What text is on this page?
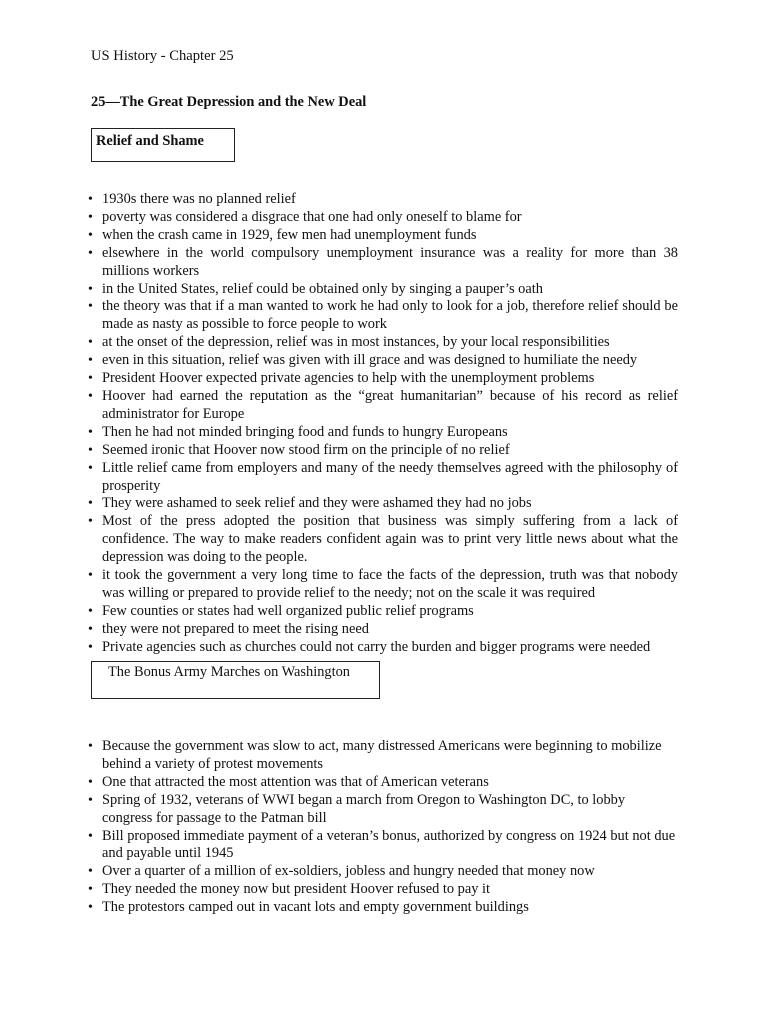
US History - Chapter 25

25—The Great Depression and the New Deal

Relief and Shame
• 1930s there was no planned relief
• poverty was considered a disgrace that one had only oneself to blame for
• when the crash came in 1929, few men had unemployment funds
• elsewhere in the world compulsory unemployment insurance was a reality for more than 38 millions workers
• in the United States, relief could be obtained only by singing a pauper’s oath
• the theory was that if a man wanted to work he had only to look for a job, therefore relief should be made as nasty as possible to force people to work
• at the onset of the depression, relief was in most instances, by your local responsibilities
• even in this situation, relief was given with ill grace and was designed to humiliate the needy
• President Hoover expected private agencies to help with the unemployment problems
• Hoover had earned the reputation as the “great humanitarian” because of his record as relief administrator for Europe
• Then he had not minded bringing food and funds to hungry Europeans
• Seemed ironic that Hoover now stood firm on the principle of no relief
• Little relief came from employers and many of the needy themselves agreed with the philosophy of prosperity
• They were ashamed to seek relief and they were ashamed they had no jobs
• Most of the press adopted the position that business was simply suffering from a lack of confidence. The way to make readers confident again was to print very little news about what the depression was doing to the people.
• it took the government a very long time to face the facts of the depression, truth was that nobody was willing or prepared to provide relief to the needy; not on the scale it was required
• Few counties or states had well organized public relief programs
• they were not prepared to meet the rising need
• Private agencies such as churches could not carry the burden and bigger programs were needed
The Bonus Army Marches on Washington
• Because the government was slow to act, many distressed Americans were beginning to mobilize behind a variety of protest movements
• One that attracted the most attention was that of American veterans
• Spring of 1932, veterans of WWI began a march from Oregon to Washington DC, to lobby congress for passage to the Patman bill
• Bill proposed immediate payment of a veteran’s bonus, authorized by congress on 1924 but not due and payable until 1945
• Over a quarter of a million of ex-soldiers, jobless and hungry needed that money now
• They needed the money now but president Hoover refused to pay it
• The protestors camped out in vacant lots and empty government buildings
